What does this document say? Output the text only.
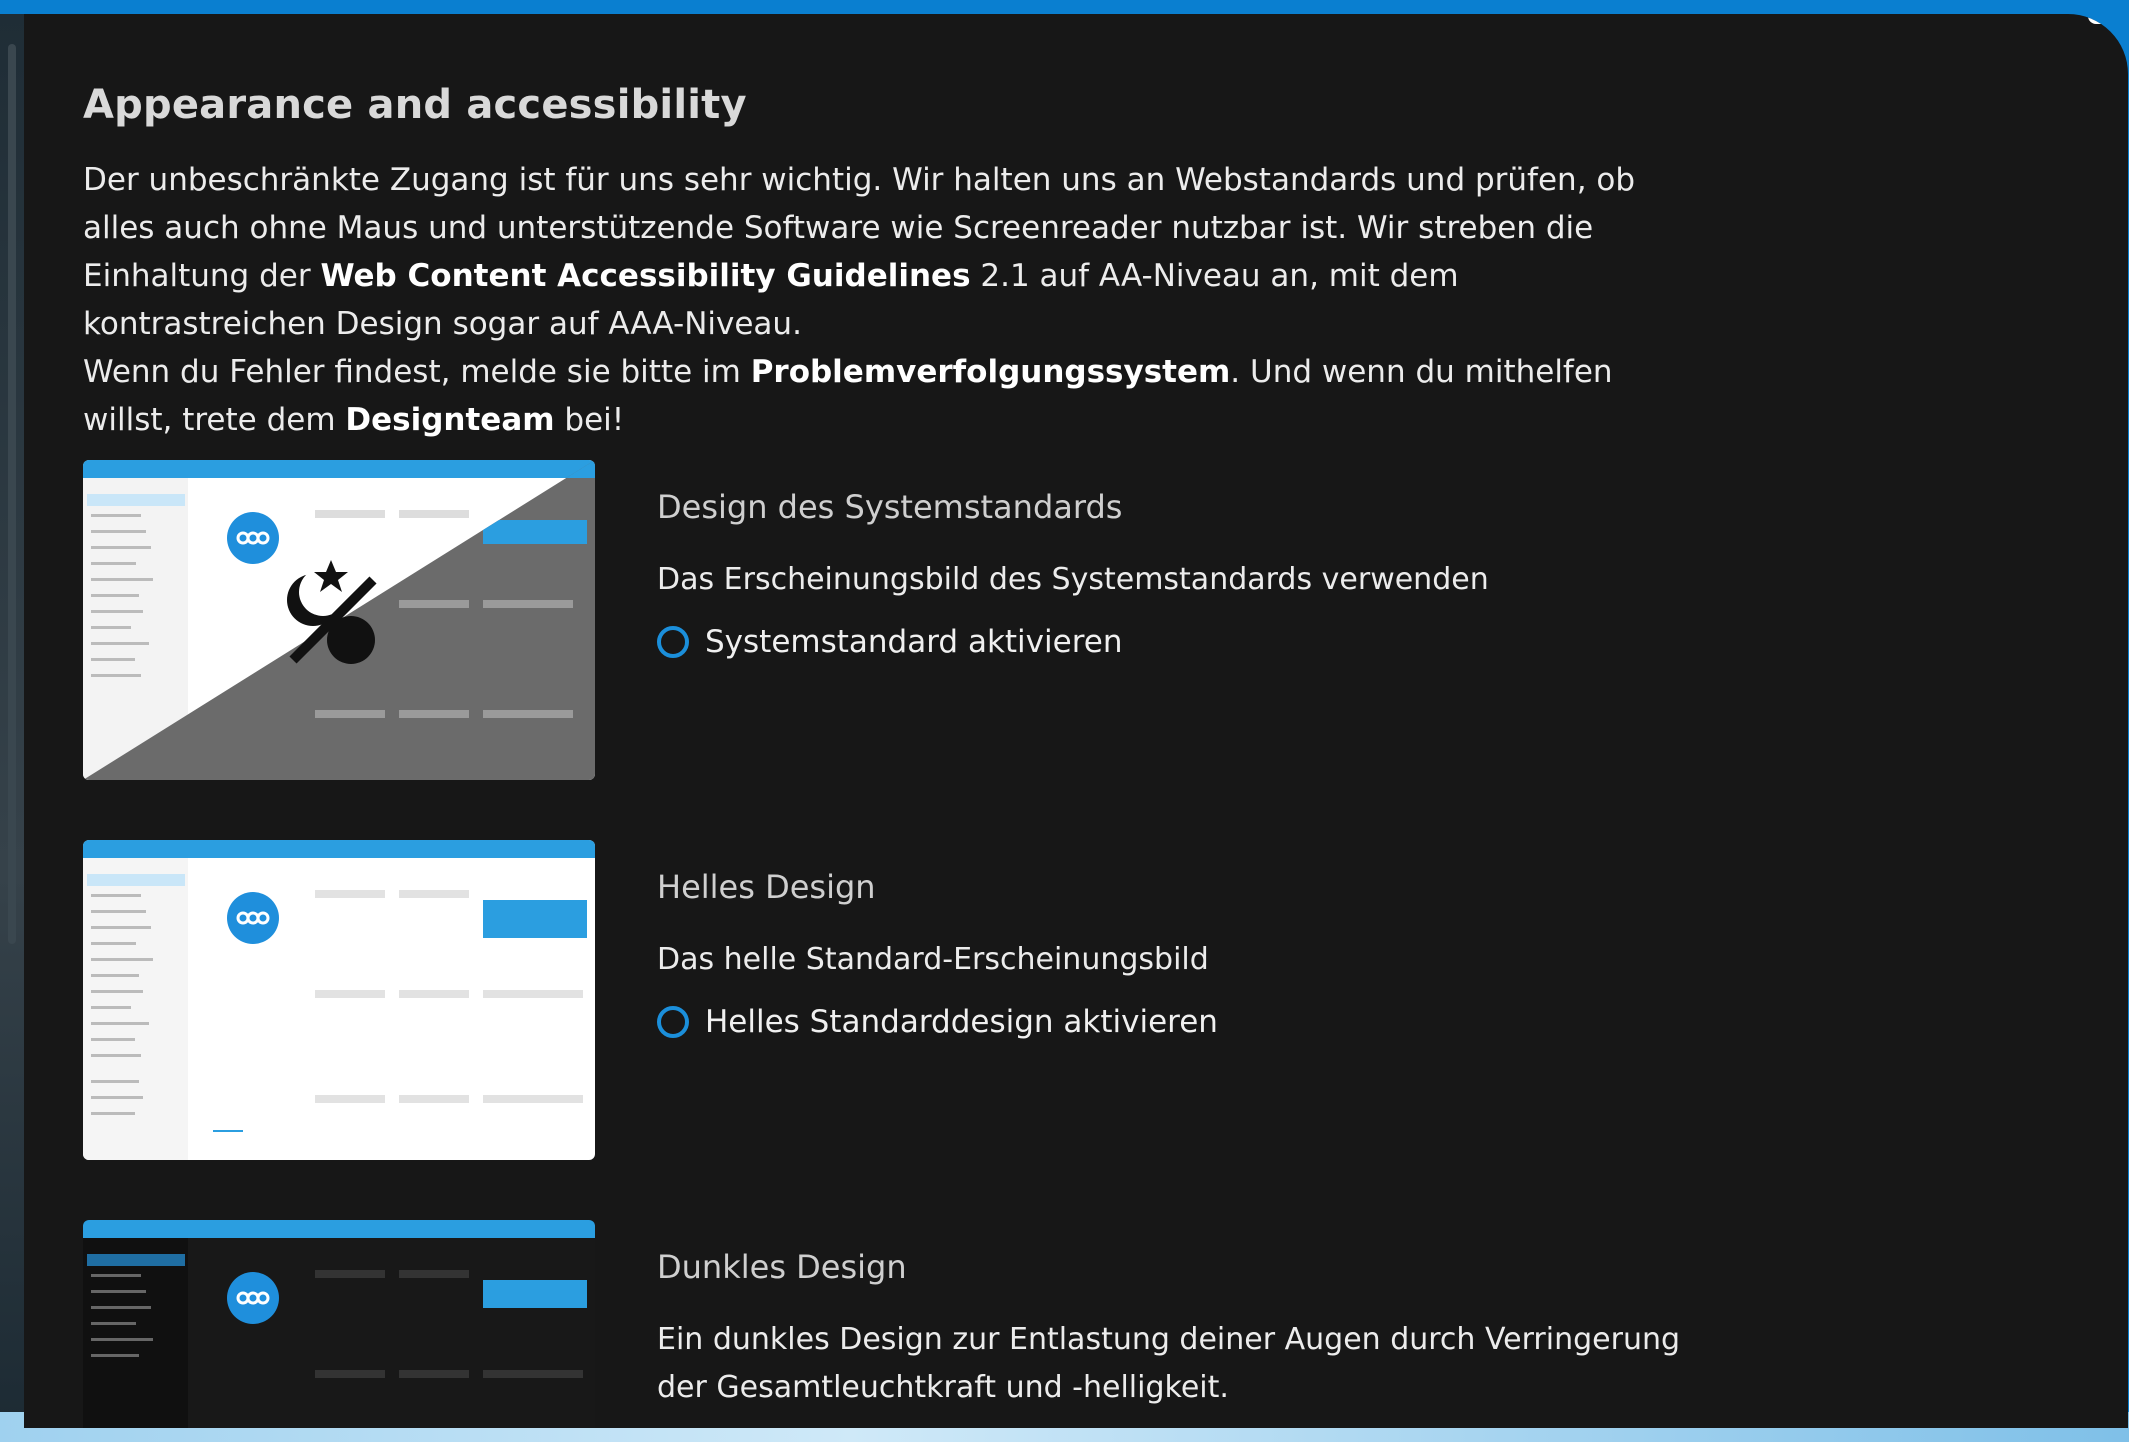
Appearance and accessibility
Der unbeschränkte Zugang ist für uns sehr wichtig. Wir halten uns an Webstandards und prüfen, ob alles auch ohne Maus und unterstützende Software wie Screenreader nutzbar ist. Wir streben die Einhaltung der Web Content Accessibility Guidelines 2.1 auf AA-Niveau an, mit dem kontrastreichen Design sogar auf AAA-Niveau.
Wenn du Fehler findest, melde sie bitte im Problemverfolgungssystem. Und wenn du mithelfen willst, trete dem Designteam bei!
Design des Systemstandards

Das Erscheinungsbild des Systemstandards verwenden

Systemstandard aktivieren
Helles Design

Das helle Standard-Erscheinungsbild

Helles Standarddesign aktivieren
Dunkles Design

Ein dunkles Design zur Entlastung deiner Augen durch Verringerung der Gesamtleuchtkraft und -helligkeit.
